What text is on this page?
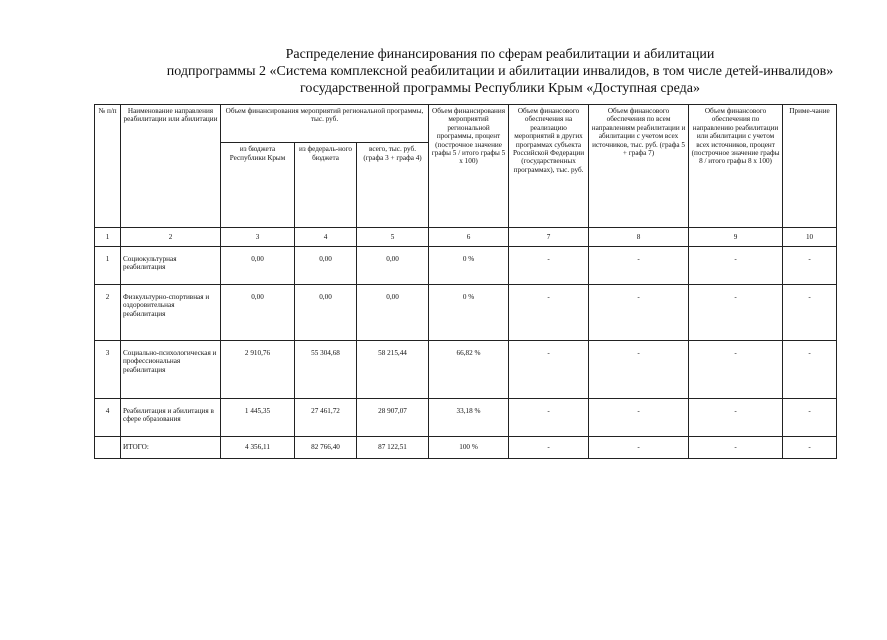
Распределение финансирования по сферам реабилитации и абилитации
подпрограммы 2 «Система комплексной реабилитации и абилитации инвалидов, в том числе детей-инвалидов»
государственной программы Республики Крым «Доступная среда»
№ п/п	Наименование направления реабилитации или абилитации	Объем финансирования мероприятий региональной программы, тыс. руб.			Объем финансирования мероприятий региональной программы, процент (построчное значение графы 5 / итого графы 5 х 100)	Объем финансового обеспечения на реализацию мероприятий в других программах субъекта Российской Федерации (государственных программах), тыс. руб.	Объем финансового обеспечения по всем направлениям реабилитации и абилитации с учетом всех источников, тыс. руб. (графа 5 + графа 7)	Объем финансового обеспечения по направлению реабилитации или абилитации с учетом всех источников, процент (построчное значение графы 8 / итого графы 8 х 100)	Приме-чание
		из бюджета Республики Крым	из федераль-ного бюджета	всего, тыс. руб. (графа 3 + графа 4)					
1	2	3	4	5	6	7	8	9	10
1	Социокультурная реабилитация	0,00	0,00	0,00	0 %	-	-	-	-
2	Физкультурно-спортивная и оздоровительная реабилитация	0,00	0,00	0,00	0 %	-	-	-	-
3	Социально-психологическая и профессиональная реабилитация	2 910,76	55 304,68	58 215,44	66,82 %	-	-	-	-
4	Реабилитация и абилитация в сфере образования	1 445,35	27 461,72	28 907,07	33,18 %	-	-	-	-
	ИТОГО:	4 356,11	82 766,40	87 122,51	100 %	-	-	-	-
